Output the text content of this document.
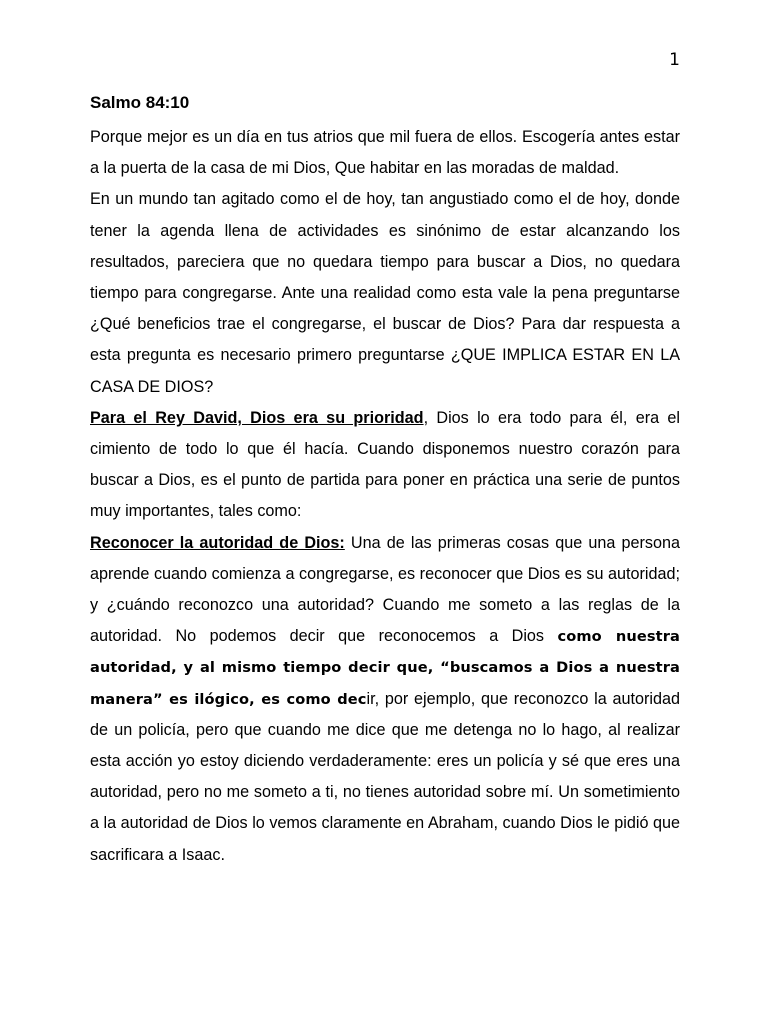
1
Salmo 84:10

Porque mejor es un día en tus atrios que mil fuera de ellos. Escogería antes estar a la puerta de la casa de mi Dios, Que habitar en las moradas de maldad.

En un mundo tan agitado como el de hoy, tan angustiado como el de hoy, donde tener la agenda llena de actividades es sinónimo de estar alcanzando los resultados, pareciera que no quedara tiempo para buscar a Dios, no quedara tiempo para congregarse. Ante una realidad como esta vale la pena preguntarse ¿Qué beneficios trae el congregarse, el buscar de Dios? Para dar respuesta a esta pregunta es necesario primero preguntarse ¿QUE IMPLICA ESTAR EN LA CASA DE DIOS?

Para el Rey David, Dios era su prioridad, Dios lo era todo para él, era el cimiento de todo lo que él hacía. Cuando disponemos nuestro corazón para buscar a Dios, es el punto de partida para poner en práctica una serie de puntos muy importantes, tales como:

Reconocer la autoridad de Dios: Una de las primeras cosas que una persona aprende cuando comienza a congregarse, es reconocer que Dios es su autoridad; y ¿cuándo reconozco una autoridad? Cuando me someto a las reglas de la autoridad. No podemos decir que reconocemos a Dios como nuestra autoridad, y al mismo tiempo decir que, “buscamos a Dios a nuestra manera” es ilógico, es como decir, por ejemplo, que reconozco la autoridad de un policía, pero que cuando me dice que me detenga no lo hago, al realizar esta acción yo estoy diciendo verdaderamente: eres un policía y sé que eres una autoridad, pero no me someto a ti, no tienes autoridad sobre mí. Un sometimiento a la autoridad de Dios lo vemos claramente en Abraham, cuando Dios le pidió que sacrificara a Isaac.
